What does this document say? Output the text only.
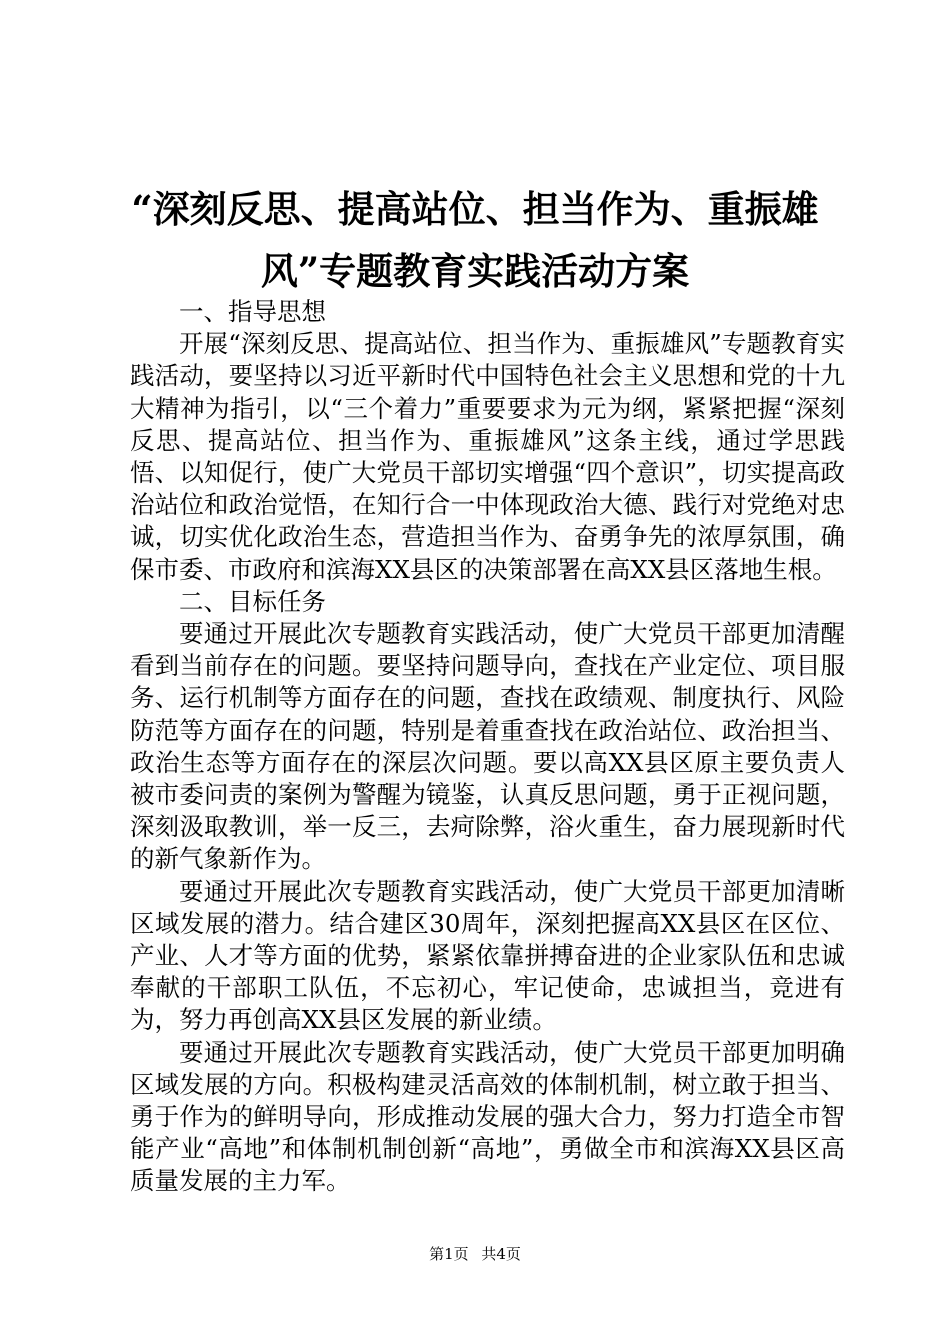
“深刻反思、提高站位、担当作为、重振雄风”专题教育实践活动方案
一、指导思想

开展“深刻反思、提高站位、担当作为、重振雄风”专题教育实践活动，要坚持以习近平新时代中国特色社会主义思想和党的十九大精神为指引，以“三个着力”重要要求为元为纲，紧紧把握“深刻反思、提高站位、担当作为、重振雄风”这条主线，通过学思践悟、以知促行，使广大党员干部切实增强“四个意识”，切实提高政治站位和政治觉悟，在知行合一中体现政治大德、践行对党绝对忠诚，切实优化政治生态，营造担当作为、奋勇争先的浓厚氛围，确保市委、市政府和滨海XX县区的决策部署在高XX县区落地生根。

二、目标任务

要通过开展此次专题教育实践活动，使广大党员干部更加清醒看到当前存在的问题。要坚持问题导向，查找在产业定位、项目服务、运行机制等方面存在的问题，查找在政绩观、制度执行、风险防范等方面存在的问题，特别是着重查找在政治站位、政治担当、政治生态等方面存在的深层次问题。要以高XX县区原主要负责人被市委问责的案例为警醒为镜鉴，认真反思问题，勇于正视问题，深刻汲取教训，举一反三，去疴除弊，浴火重生，奋力展现新时代的新气象新作为。

要通过开展此次专题教育实践活动，使广大党员干部更加清晰区域发展的潜力。结合建区30周年，深刻把握高XX县区在区位、产业、人才等方面的优势，紧紧依靠拼搏奋进的企业家队伍和忠诚奉献的干部职工队伍，不忘初心，牢记使命，忠诚担当，竞进有为，努力再创高XX县区发展的新业绩。

要通过开展此次专题教育实践活动，使广大党员干部更加明确区域发展的方向。积极构建灵活高效的体制机制，树立敢于担当、勇于作为的鲜明导向，形成推动发展的强大合力，努力打造全市智能产业“高地”和体制机制创新“高地”，勇做全市和滨海XX县区高质量发展的主力军。

第1页 共4页
